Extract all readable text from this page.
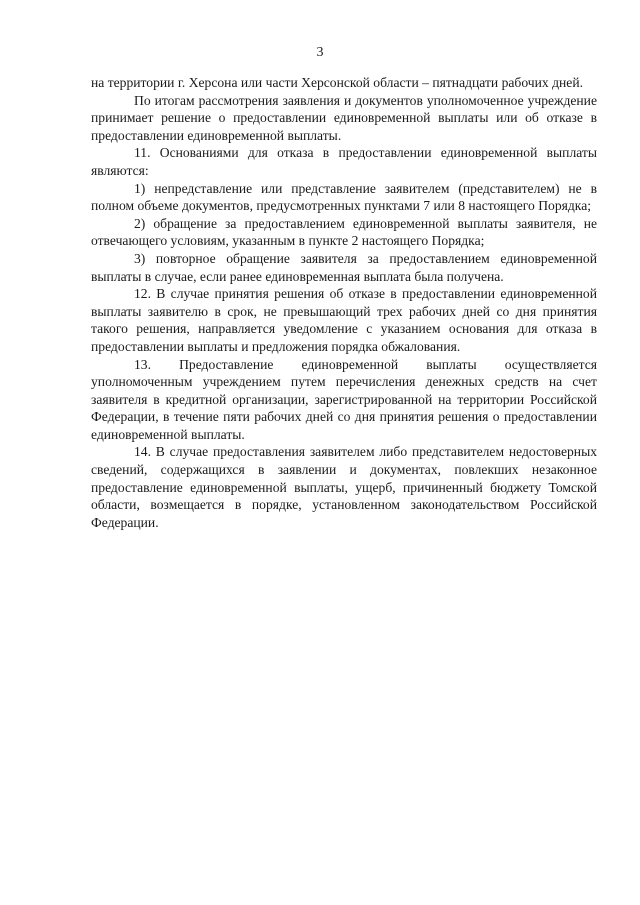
3

на территории г. Херсона или части Херсонской области – пятнадцати рабочих дней.

По итогам рассмотрения заявления и документов уполномоченное учреждение принимает решение о предоставлении единовременной выплаты или об отказе в предоставлении единовременной выплаты.

11. Основаниями для отказа в предоставлении единовременной выплаты являются:

1) непредставление или представление заявителем (представителем) не в полном объеме документов, предусмотренных пунктами 7 или 8 настоящего Порядка;

2) обращение за предоставлением единовременной выплаты заявителя, не отвечающего условиям, указанным в пункте 2 настоящего Порядка;

3) повторное обращение заявителя за предоставлением единовременной выплаты в случае, если ранее единовременная выплата была получена.

12. В случае принятия решения об отказе в предоставлении единовременной выплаты заявителю в срок, не превышающий трех рабочих дней со дня принятия такого решения, направляется уведомление с указанием основания для отказа в предоставлении выплаты и предложения порядка обжалования.

13. Предоставление единовременной выплаты осуществляется уполномоченным учреждением путем перечисления денежных средств на счет заявителя в кредитной организации, зарегистрированной на территории Российской Федерации, в течение пяти рабочих дней со дня принятия решения о предоставлении единовременной выплаты.

14. В случае предоставления заявителем либо представителем недостоверных сведений, содержащихся в заявлении и документах, повлекших незаконное предоставление единовременной выплаты, ущерб, причиненный бюджету Томской области, возмещается в порядке, установленном законодательством Российской Федерации.
